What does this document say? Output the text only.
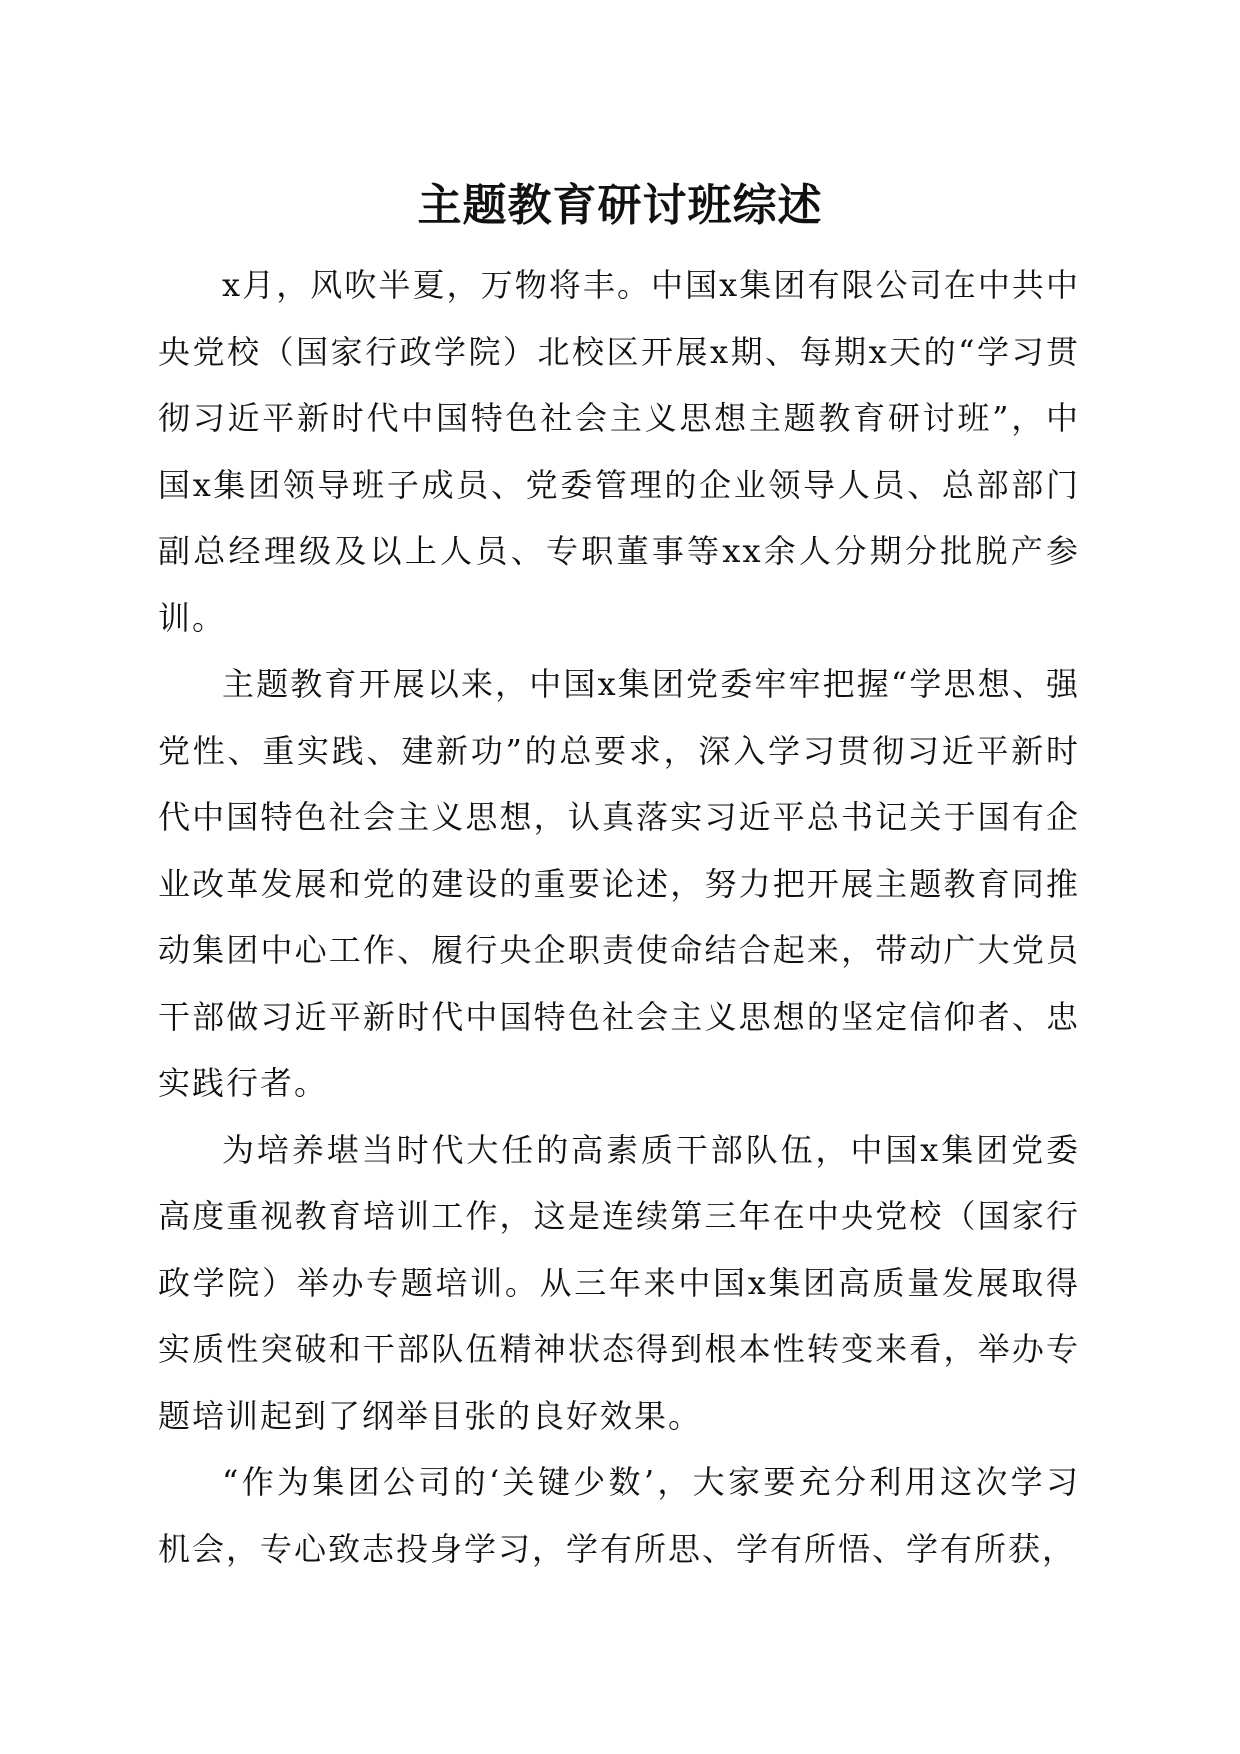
主题教育研讨班综述

x月，风吹半夏，万物将丰。中国x集团有限公司在中共中央党校（国家行政学院）北校区开展x期、每期x天的“学习贯彻习近平新时代中国特色社会主义思想主题教育研讨班”，中国x集团领导班子成员、党委管理的企业领导人员、总部部门副总经理级及以上人员、专职董事等xx余人分期分批脱产参训。

主题教育开展以来，中国x集团党委牢牢把握“学思想、强党性、重实践、建新功”的总要求，深入学习贯彻习近平新时代中国特色社会主义思想，认真落实习近平总书记关于国有企业改革发展和党的建设的重要论述，努力把开展主题教育同推动集团中心工作、履行央企职责使命结合起来，带动广大党员干部做习近平新时代中国特色社会主义思想的坚定信仰者、忠实践行者。

为培养堪当时代大任的高素质干部队伍，中国x集团党委高度重视教育培训工作，这是连续第三年在中央党校（国家行政学院）举办专题培训。从三年来中国x集团高质量发展取得实质性突破和干部队伍精神状态得到根本性转变来看，举办专题培训起到了纲举目张的良好效果。

“作为集团公司的‘关键少数’，大家要充分利用这次学习机会，专心致志投身学习，学有所思、学有所悟、学有所获，
